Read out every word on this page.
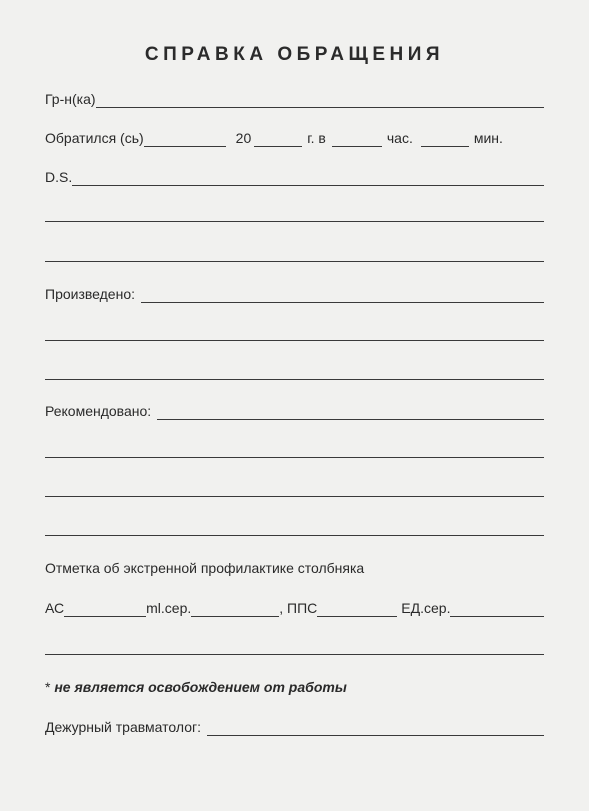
СПРАВКА ОБРАЩЕНИЯ
Гр-н(ка)
Обратился (сь)	20	г. в	час.	мин.
D.S.
Произведено:
Рекомендовано:
Отметка об экстренной профилактике столбняка
АС	ml.сер.	, ППС	ЕД.сер.
* не является освобождением от работы
Дежурный травматолог:
